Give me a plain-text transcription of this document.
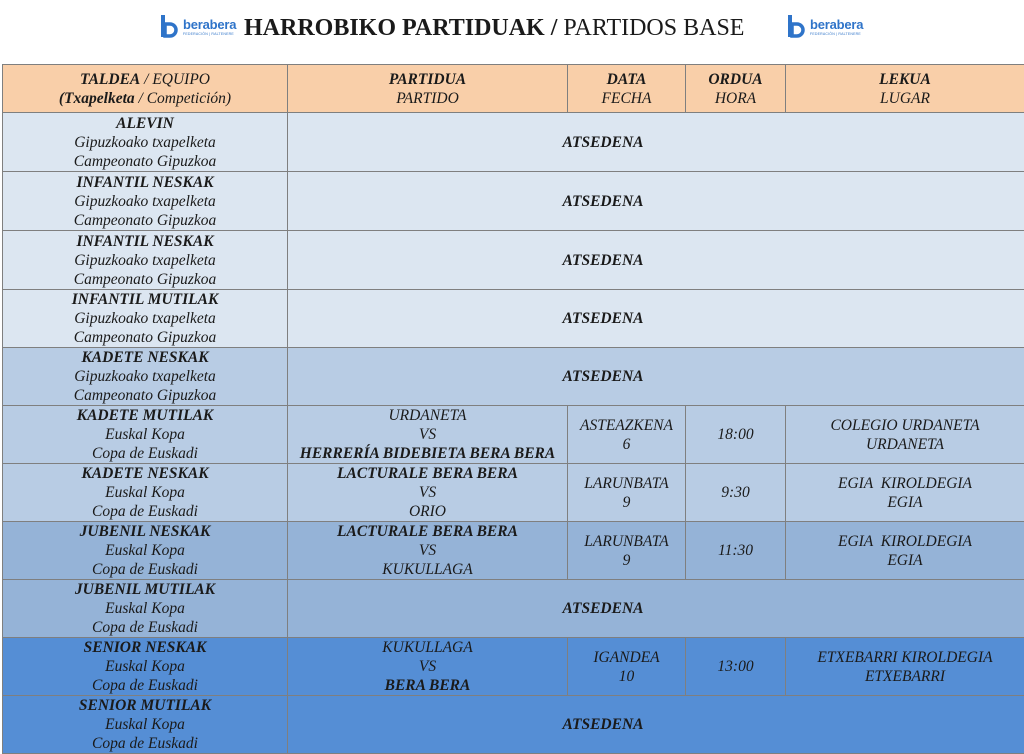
berabera
FEDERACIÓN | RALTENERE HARROBIKO PARTIDUAK / PARTIDOS BASE	berabera
FEDERACIÓN | RALTENERE
TALDEA / EQUIPO
(Txapelketa / Competición)	PARTIDUA
PARTIDO	DATA
FECHA	ORDUA
HORA	LEKUA
LUGAR
ALEVIN
Gipuzkoako txapelketa
Campeonato Gipuzkoa	ATSEDENA			
INFANTIL NESKAK
Gipuzkoako txapelketa
Campeonato Gipuzkoa	ATSEDENA			
INFANTIL NESKAK
Gipuzkoako txapelketa
Campeonato Gipuzkoa	ATSEDENA			
INFANTIL MUTILAK
Gipuzkoako txapelketa
Campeonato Gipuzkoa	ATSEDENA			
KADETE NESKAK
Gipuzkoako txapelketa
Campeonato Gipuzkoa	ATSEDENA			
KADETE MUTILAK
Euskal Kopa
Copa de Euskadi	URDANETA
VS
HERRERÍA BIDEBIETA BERA BERA	ASTEAZKENA
6	18:00	COLEGIO URDANETA
URDANETA
KADETE NESKAK
Euskal Kopa
Copa de Euskadi	LACTURALE BERA BERA
VS
ORIO	LARUNBATA
9	9:30	EGIA  KIROLDEGIA
EGIA
JUBENIL NESKAK
Euskal Kopa
Copa de Euskadi	LACTURALE BERA BERA
VS
KUKULLAGA	LARUNBATA
9	11:30	EGIA  KIROLDEGIA
EGIA
JUBENIL MUTILAK
Euskal Kopa
Copa de Euskadi	ATSEDENA			
SENIOR NESKAK
Euskal Kopa
Copa de Euskadi	KUKULLAGA
VS
BERA BERA	IGANDEA
10	13:00	ETXEBARRI KIROLDEGIA
ETXEBARRI
SENIOR MUTILAK
Euskal Kopa
Copa de Euskadi	ATSEDENA			
